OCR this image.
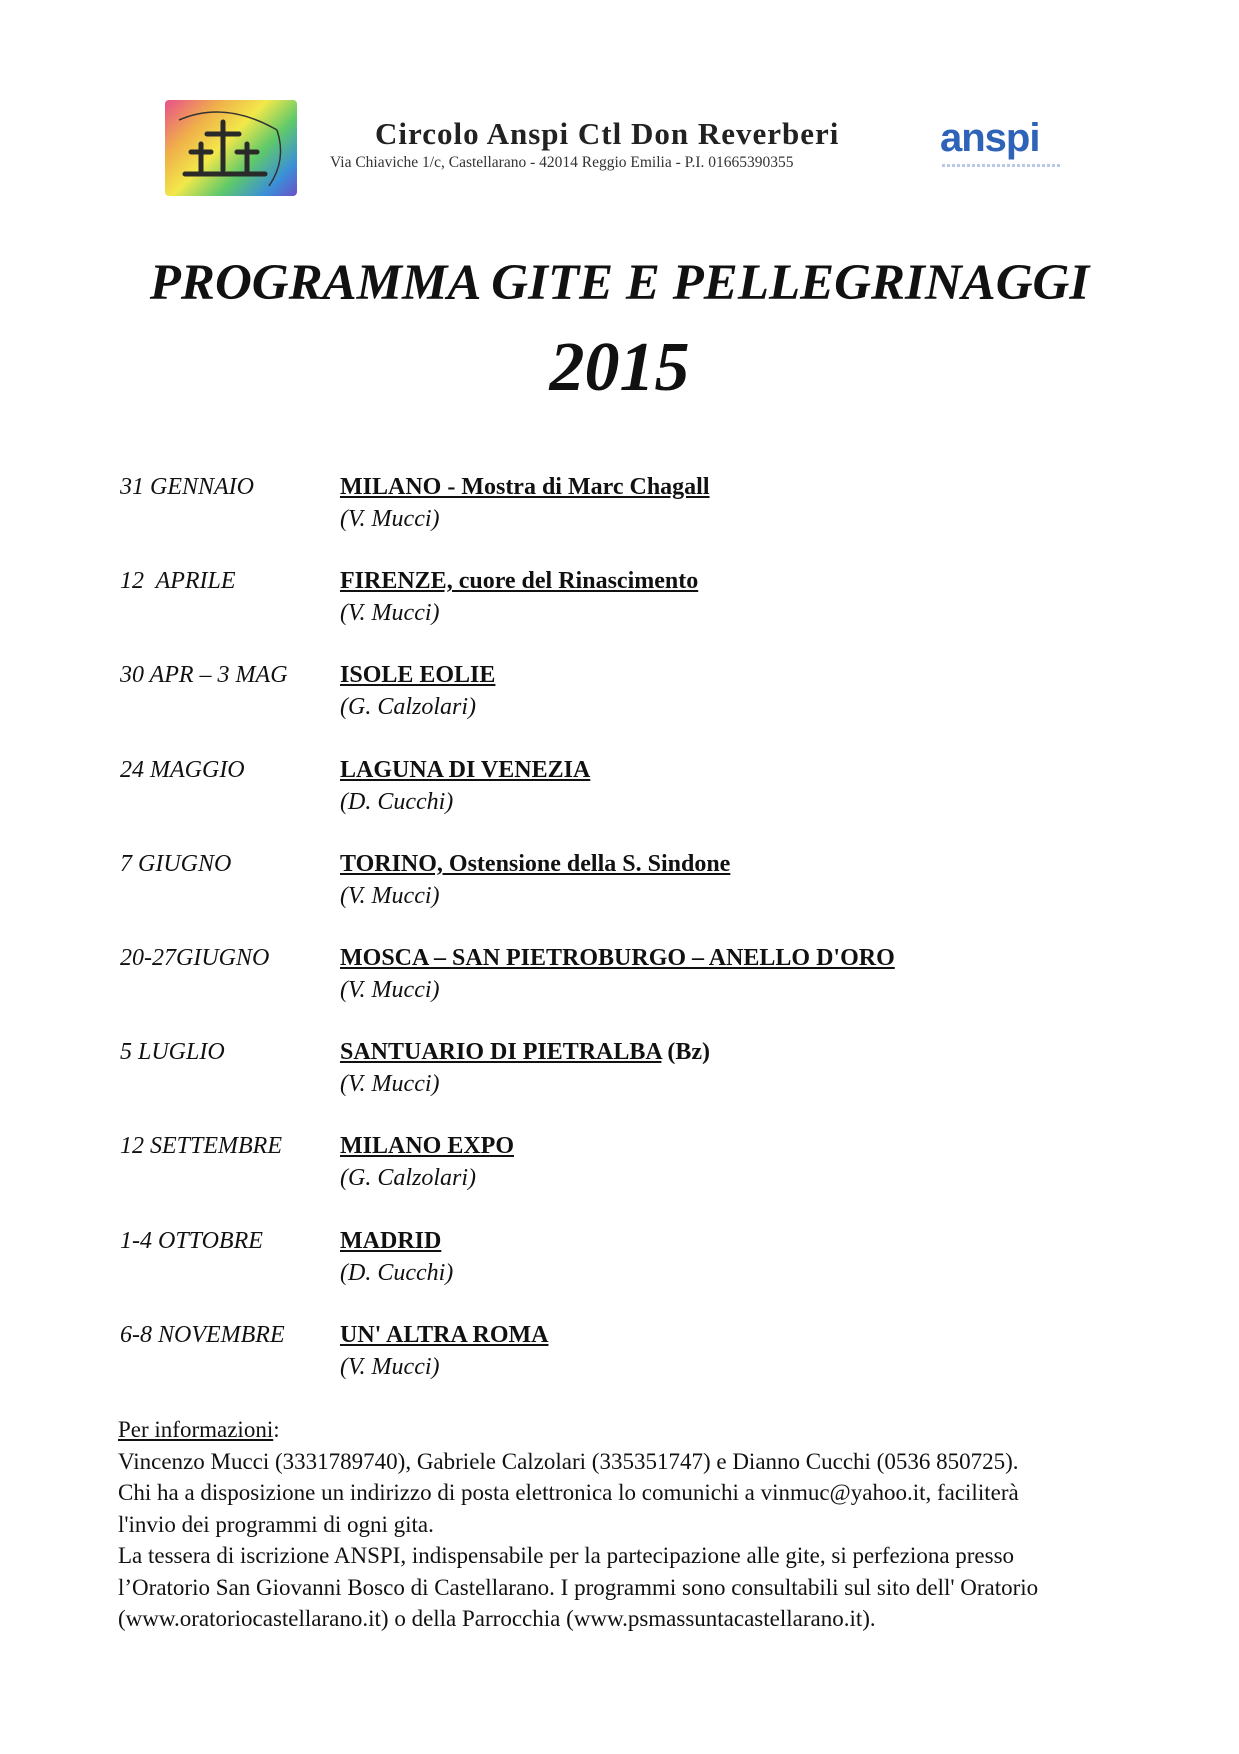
Circolo Anspi Ctl Don Reverberi
Via Chiaviche 1/c, Castellarano - 42014 Reggio Emilia - P.I. 01665390355
anspi
PROGRAMMA GITE E PELLEGRINAGGI
2015
31 GENNAIO	MILANO - Mostra di Marc Chagall
(V. Mucci)
12  APRILE	FIRENZE, cuore del Rinascimento
(V. Mucci)
30 APR – 3 MAG ISOLE EOLIE
(G. Calzolari)
24 MAGGIO	LAGUNA DI VENEZIA
(D. Cucchi)
7 GIUGNO	TORINO, Ostensione della S. Sindone
(V. Mucci)
20-27GIUGNO	MOSCA – SAN PIETROBURGO – ANELLO D'ORO
(V. Mucci)
5 LUGLIO	SANTUARIO DI PIETRALBA (Bz)
(V. Mucci)
12 SETTEMBRE MILANO EXPO
(G. Calzolari)
1-4 OTTOBRE	MADRID
(D. Cucchi)
6-8 NOVEMBRE UN' ALTRA ROMA
(V. Mucci)

Per informazioni:

Vincenzo Mucci (3331789740), Gabriele Calzolari (335351747) e Dianno Cucchi (0536 850725).

Chi ha a disposizione un indirizzo di posta elettronica lo comunichi a vinmuc@yahoo.it, faciliterà

l'invio dei programmi di ogni gita.

La tessera di iscrizione ANSPI, indispensabile per la partecipazione alle gite, si perfeziona presso

l’Oratorio San Giovanni Bosco di Castellarano. I programmi sono consultabili sul sito dell' Oratorio

(www.oratoriocastellarano.it) o della Parrocchia (www.psmassuntacastellarano.it).
